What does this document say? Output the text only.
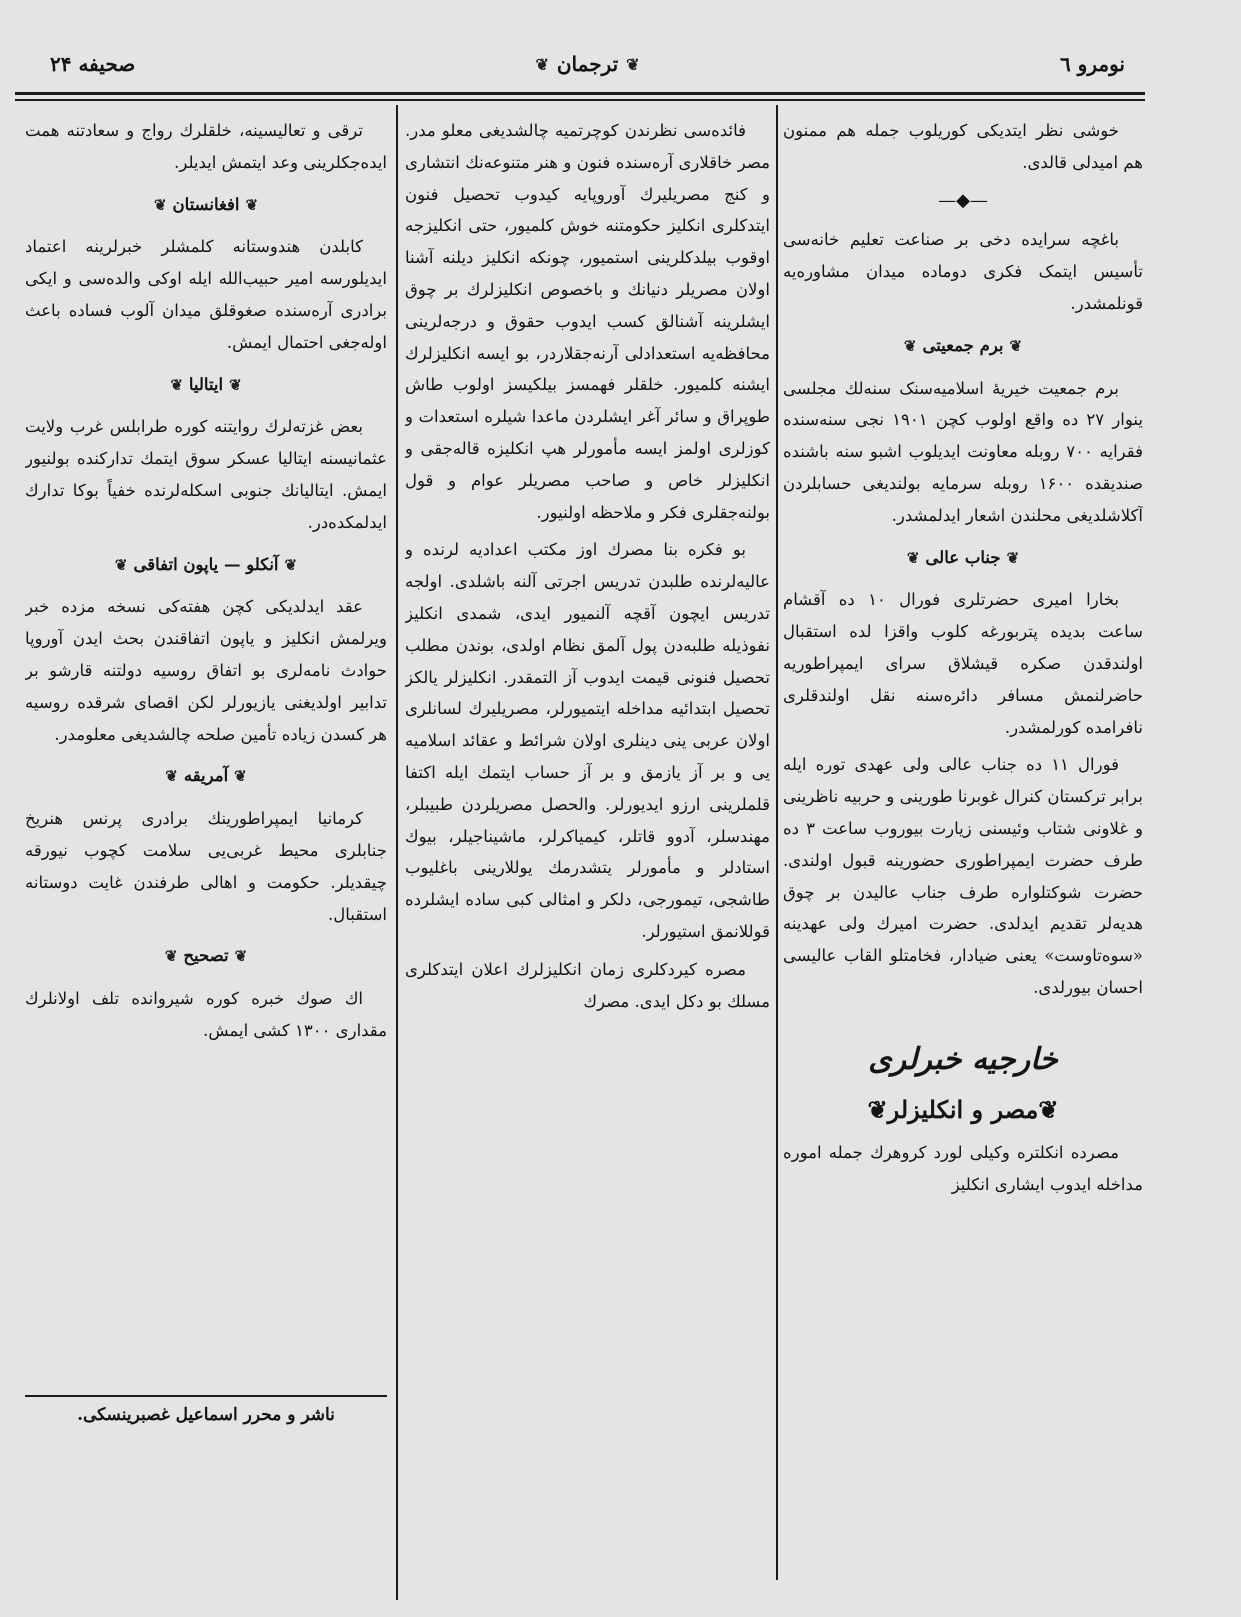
صحیفه ۲۴	❦
ترجمان
❦	نومرو ٦

خوشی نظر ایتدیکی کوریلوب جمله هم ممنون هم امیدلی قالدی.

—◆—

باغچه سرایده دخی بر صناعت تعلیم خانه‌سی تأسیس ایتمک فکری دوماده میدان مشاوره‌یه قونلمشدر.

❦برم جمعیتی❦

برم جمعیت خیریهٔ اسلامیه‌سنک سنه‌لك مجلسی ینوار ۲۷ ده واقع اولوب کچن ۱۹۰۱ نجی سنه‌سنده فقرایه ۷۰۰ روبله معاونت ایدیلوب اشبو سنه باشنده صندیقده ۱۶۰۰ روبله سرمایه بولندیغی حسابلردن آکلاشلدیغی محلندن اشعار ایدلمشدر.

❦جناب عالی❦

بخارا امیری حضرتلری فورال ۱۰ ده آقشام ساعت بدیده پتربورغه کلوب واقزا لده استقبال اولندقدن صکره قیشلاق سرای ایمپراطوریه حاضرلنمش مسافر دائره‌سنه نقل اولندقلری نافرامده کورلمشدر.

فورال ۱۱ ده جناب عالی ولی عهدی توره ایله برابر ترکستان کنرال غوبرنا طورینی و حربیه ناظرینی و غلاونی شتاب وئیسنی زیارت بیوروب ساعت ۳ ده طرف حضرت ایمپراطوری حضورینه قبول اولندی. حضرت شوکتلواره طرف جناب عالیدن بر چوق هدیه‌لر تقدیم ایدلدی. حضرت امیرك ولی عهدینه «سوه‌تاوست» یعنی ضیادار، فخامتلو القاب عالیسی احسان بیورلدی.

خارجیه خبرلری
❦مصر و انکلیزلر❦

مصرده انکلتره وکیلی لورد کروهرك جمله اموره مداخله ایدوب ایشاری انکلیز

فائده‌سی نظرندن کوچرتمیه چالشدیغی معلو مدر. مصر خاقلاری آره‌سنده فنون و هنر متنوعه‌نك انتشاری و کنج مصریلیرك آوروپایه کیدوب تحصیل فنون ایتدکلری انکلیز حکومتنه خوش کلمیور، حتی انکلیزجه اوقوب بیلدکلرینی استمیور، چونکه انکلیز دیلنه آشنا اولان مصریلر دنیانك و باخصوص انکلیزلرك بر چوق ایشلرینه آشنالق کسب ایدوب حقوق و درجه‌لرینی محافظه‌یه استعدادلی آرنه‌جقلاردر، بو ایسه انکلیزلرك ایشنه کلمیور. خلقلر فهمسز بیلکیسز اولوب طاش طوپراق و سائر آغر ایشلردن ماعدا شیلره استعدات و کوزلری اولمز ایسه مأمورلر هپ انکلیزه قاله‌جقی و انکلیزلر خاص و صاحب مصریلر عوام و قول بولنه‌جقلری فکر و ملاحظه اولنیور.

بو فکره بنا مصرك اوز مکتب اعدادیه لرنده و عالیه‌لرنده طلبدن تدریس اجرتی آلنه باشلدی. اولجه تدریس ایچون آقچه آلنمیور ایدی، شمدی انکلیز نفوذیله طلبه‌دن پول آلمق نظام اولدی، بوندن مطلب تحصیل فنونی قیمت ایدوب آز التمقدر. انکلیزلر یالکز تحصیل ابتدائیه مداخله ایتمیورلر، مصریلیرك لسانلری اولان عربی ینی دینلری اولان شرائط و عقائد اسلامیه یی و بر آز یازمق و بر آز حساب ایتمك ایله اکتفا قلملرینی ارزو ایدیورلر. والحصل مصریلردن طبیبلر، مهندسلر، آدوو قاتلر، کیمیاکرلر، ماشیناجیلر، بیوك استادلر و مأمورلر یتشدرمك یوللارینی باغلیوب طاشجی، تیمورجی، دلکر و امثالی کبی ساده ایشلرده قوللانمق استیورلر.

مصره کیردکلری زمان انکلیزلرك اعلان ایتدکلری مسلك بو دکل ایدی. مصرك

ترقی و تعالیسینه، خلقلرك رواج و سعادتنه همت ایده‌جکلرینی وعد ایتمش ایدیلر.

❦افغانستان❦

کابلدن هندوستانه کلمشلر خبرلرینه اعتماد ایدیلورسه امیر حبیب‌الله ایله اوکی والده‌سی و ایکی برادری آره‌سنده صغوقلق میدان آلوب فساده باعث اوله‌جغی احتمال ایمش.

❦ایتالیا❦

بعض غزته‌لرك روایتنه کوره طرابلس غرب ولایت عثمانیسنه ایتالیا عسکر سوق ایتمك تدارکنده بولنیور ایمش. ایتالیانك جنوبی اسکله‌لرنده خفیاً بوکا تدارك ایدلمکده‌در.

❦آنکلو — یاپون اتفاقی❦

عقد ایدلدیکی کچن هفته‌کی نسخه مزده خبر ویرلمش انکلیز و یاپون اتفاقندن بحث ایدن آوروپا حوادث نامه‌لری بو اتفاق روسیه دولتنه قارشو بر تدابیر اولدیغنی یازیورلر لکن اقصای شرقده روسیه هر کسدن زیاده تأمین صلحه چالشدیغی معلومدر.

❦آمریقه❦

کرمانیا ایمپراطورینك برادری پرنس هنریخ جنابلری محیط غربی‌یی سلامت کچوب نیورقه چیقدیلر. حکومت و اهالی طرفندن غایت دوستانه استقبال.

❦تصحیح❦

اك صوك خبره کوره شیروانده تلف اولانلرك مقداری ۱۳۰۰ کشی ایمش.

ناشر و محرر اسماعیل غصبرینسکی.
